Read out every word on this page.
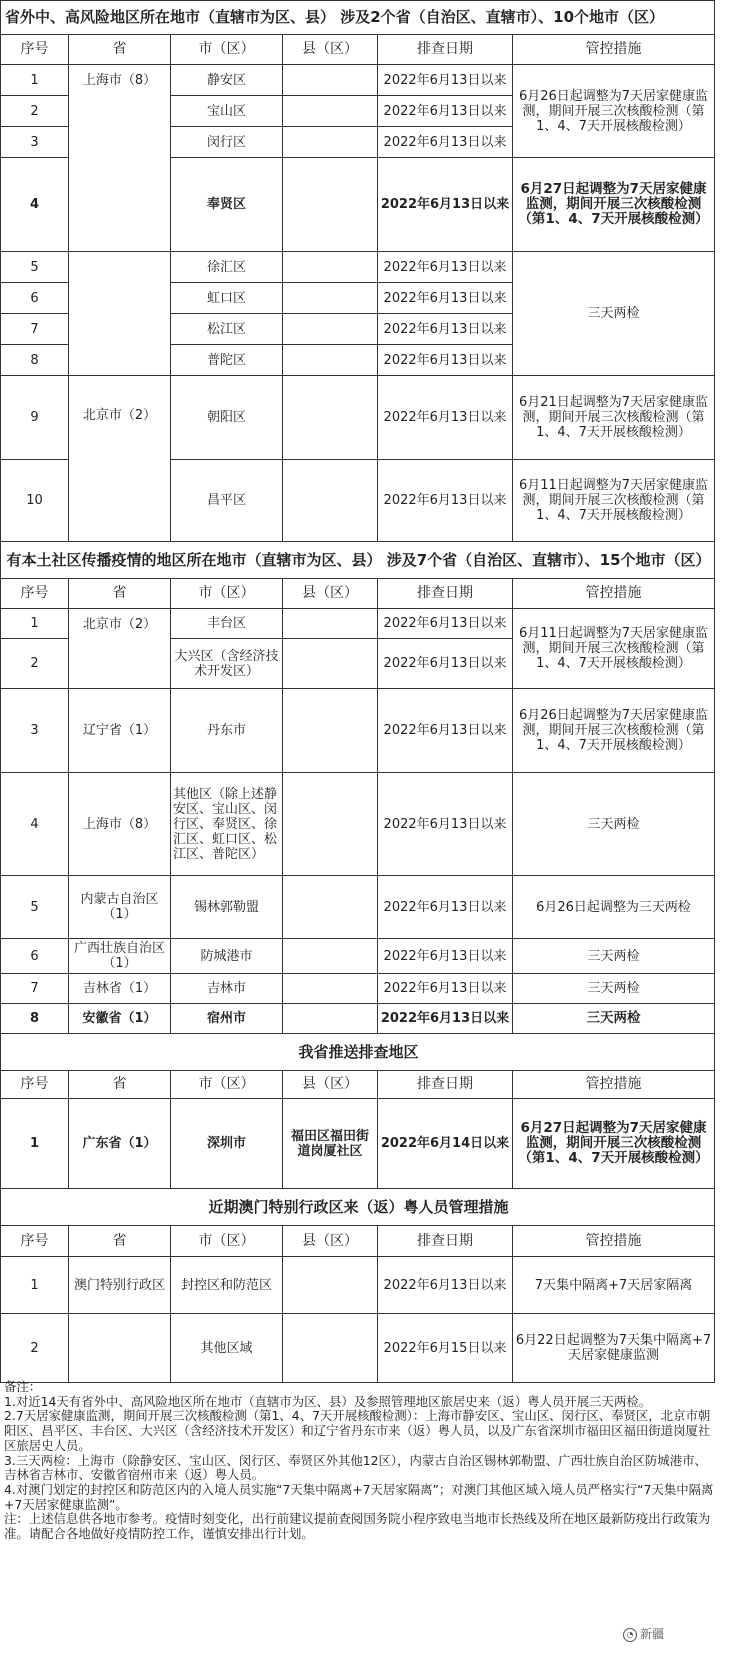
省外中、高风险地区所在地市（直辖市为区、县） 涉及2个省（自治区、直辖市）、10个地市（区）					
序号	省	市（区）	县（区）	排查日期	管控措施
1	上海市（8）	静安区		2022年6月13日以来	6月26日起调整为7天居家健康监测，期间开展三次核酸检测（第1、4、7天开展核酸检测）
2		宝山区		2022年6月13日以来	
3		闵行区		2022年6月13日以来	
4		奉贤区		2022年6月13日以来	6月27日起调整为7天居家健康监测，期间开展三次核酸检测（第1、4、7天开展核酸检测）
5		徐汇区		2022年6月13日以来	三天两检
6		虹口区		2022年6月13日以来	
7		松江区		2022年6月13日以来	
8		普陀区		2022年6月13日以来	
9	北京市（2）	朝阳区		2022年6月13日以来	6月21日起调整为7天居家健康监测，期间开展三次核酸检测（第1、4、7天开展核酸检测）
10		昌平区		2022年6月13日以来	6月11日起调整为7天居家健康监测，期间开展三次核酸检测（第1、4、7天开展核酸检测）
有本土社区传播疫情的地区所在地市（直辖市为区、县） 涉及7个省（自治区、直辖市）、15个地市（区）					
序号	省	市（区）	县（区）	排查日期	管控措施
1	北京市（2）	丰台区		2022年6月13日以来	6月11日起调整为7天居家健康监测，期间开展三次核酸检测（第1、4、7天开展核酸检测）
2		大兴区（含经济技术开发区）		2022年6月13日以来	
3	辽宁省（1）	丹东市		2022年6月13日以来	6月26日起调整为7天居家健康监测，期间开展三次核酸检测（第1、4、7天开展核酸检测）
4	上海市（8）	其他区（除上述静安区、宝山区、闵行区、奉贤区、徐汇区、虹口区、松江区、普陀区）		2022年6月13日以来	三天两检
5	内蒙古自治区（1）	锡林郭勒盟		2022年6月13日以来	6月26日起调整为三天两检
6	广西壮族自治区（1）	防城港市		2022年6月13日以来	三天两检
7	吉林省（1）	吉林市		2022年6月13日以来	三天两检
8	安徽省（1）	宿州市		2022年6月13日以来	三天两检
我省推送排查地区					
序号	省	市（区）	县（区）	排查日期	管控措施
1	广东省（1）	深圳市	福田区福田街道岗厦社区	2022年6月14日以来	6月27日起调整为7天居家健康监测，期间开展三次核酸检测（第1、4、7天开展核酸检测）
近期澳门特别行政区来（返）粤人员管理措施					
序号	省	市（区）	县（区）	排查日期	管控措施
1	澳门特别行政区	封控区和防范区		2022年6月13日以来	7天集中隔离+7天居家隔离
2		其他区域		2022年6月15日以来	6月22日起调整为7天集中隔离+7天居家健康监测
备注：
1.对近14天有省外中、高风险地区所在地市（直辖市为区、县）及参照管理地区旅居史来（返）粤人员开展三天两检。
2.7天居家健康监测，期间开展三次核酸检测（第1、4、7天开展核酸检测）：上海市静安区、宝山区、闵行区、奉贤区，北京市朝阳区、昌平区、丰台区、大兴区（含经济技术开发区）和辽宁省丹东市来（返）粤人员，以及广东省深圳市福田区福田街道岗厦社区旅居史人员。
3.三天两检：上海市（除静安区、宝山区、闵行区、奉贤区外其他12区），内蒙古自治区锡林郭勒盟、广西壮族自治区防城港市、吉林省吉林市、安徽省宿州市来（返）粤人员。
4.对澳门划定的封控区和防范区内的入境人员实施“7天集中隔离+7天居家隔离”；对澳门其他区域入境人员严格实行“7天集中隔离+7天居家健康监测”。
注：上述信息供各地市参考。疫情时刻变化，出行前建议提前查阅国务院小程序致电当地市长热线及所在地区最新防疫出行政策为准。请配合各地做好疫情防控工作，谨慎安排出行计划。
◔ 新疆
